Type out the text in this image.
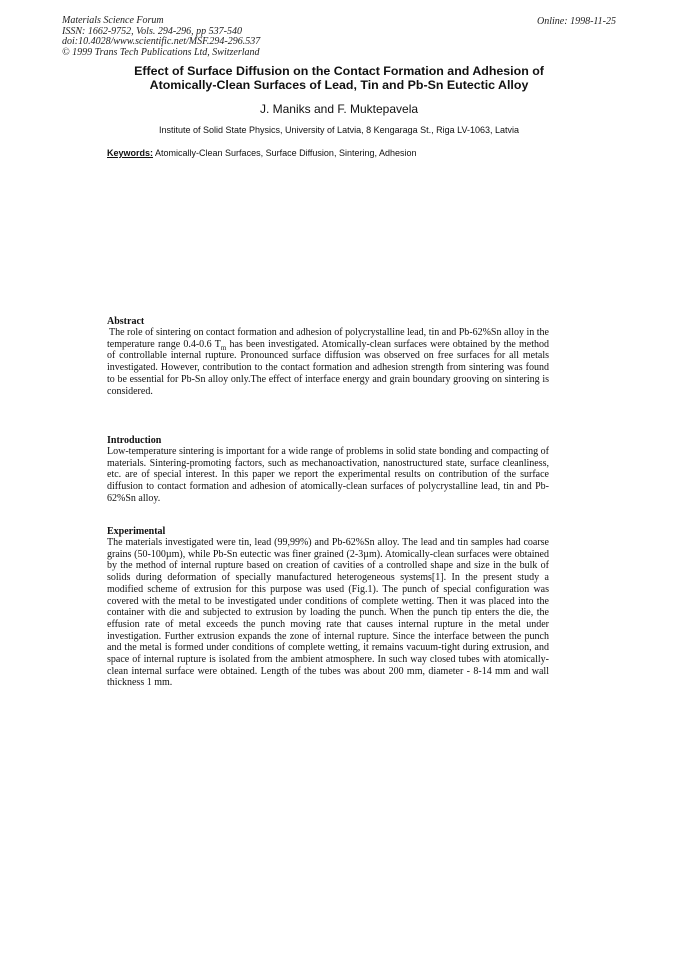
Materials Science Forum
ISSN: 1662-9752, Vols. 294-296, pp 537-540
doi:10.4028/www.scientific.net/MSF.294-296.537
© 1999 Trans Tech Publications Ltd, Switzerland
Online: 1998-11-25
Effect of Surface Diffusion on the Contact Formation and Adhesion of
Atomically-Clean Surfaces of Lead, Tin and Pb-Sn Eutectic Alloy
J. Maniks and F. Muktepavela
Institute of Solid State Physics, University of Latvia, 8 Kengaraga St., Riga LV-1063, Latvia
Keywords: Atomically-Clean Surfaces, Surface Diffusion, Sintering, Adhesion
Abstract

The role of sintering on contact formation and adhesion of polycrystalline lead, tin and Pb-62%Sn alloy in the temperature range 0.4-0.6 $T_m$ has been investigated. Atomically-clean surfaces were obtained by the method of controllable internal rupture. Pronounced surface diffusion was observed on free surfaces for all metals investigated. However, contribution to the contact formation and adhesion strength from sintering was found to be essential for Pb-Sn alloy only.The effect of interface energy and grain boundary grooving on sintering is considered.

Introduction

Low-temperature sintering is important for a wide range of problems in solid state bonding and compacting of materials. Sintering-promoting factors, such as mechanoactivation, nanostructured state, surface cleanliness, etc. are of special interest. In this paper we report the experimental results on contribution of the surface diffusion to contact formation and adhesion of atomically-clean surfaces of polycrystalline lead, tin and Pb-62%Sn alloy.

Experimental

The materials investigated were tin, lead (99,99%) and Pb-62%Sn alloy. The lead and tin samples had coarse grains (50-100µm), while Pb-Sn eutectic was finer grained (2-3µm). Atomically-clean surfaces were obtained by the method of internal rupture based on creation of cavities of a controlled shape and size in the bulk of solids during deformation of specially manufactured heterogeneous systems[1]. In the present study a modified scheme of extrusion for this purpose was used (Fig.1). The punch of special configuration was covered with the metal to be investigated under conditions of complete wetting. Then it was placed into the container with die and subjected to extrusion by loading the punch. When the punch tip enters the die, the effusion rate of metal exceeds the punch moving rate that causes internal rupture in the metal under investigation. Further extrusion expands the zone of internal rupture. Since the interface between the punch and the metal is formed under conditions of complete wetting, it remains vacuum-tight during extrusion, and space of internal rupture is isolated from the ambient atmosphere. In such way closed tubes with atomically-clean internal surface were obtained. Length of the tubes was about 200 mm, diameter - 8-14 mm and wall thickness 1 mm.
